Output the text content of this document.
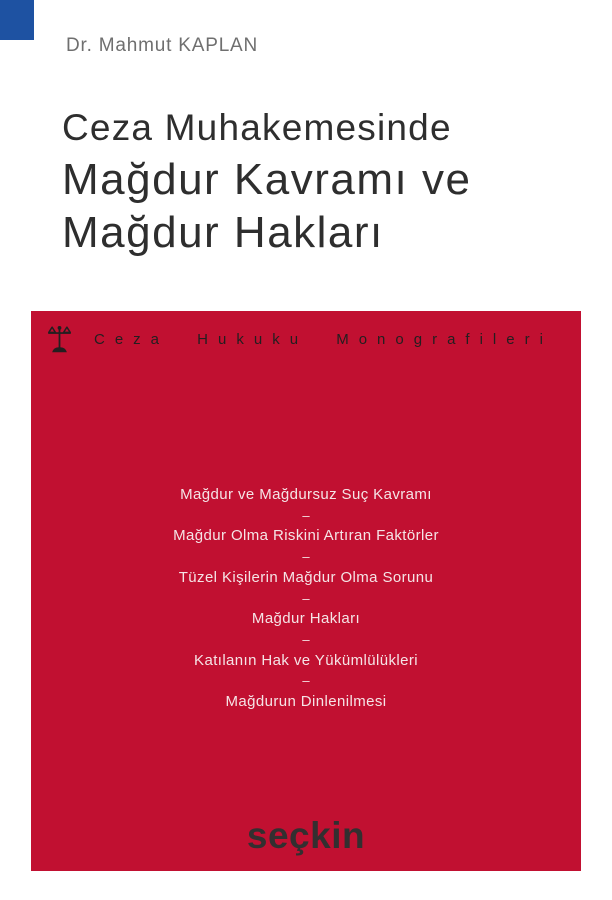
Dr. Mahmut KAPLAN
Ceza Muhakemesinde
Mağdur Kavramı ve
Mağdur Hakları
Ceza Hukuku Monografileri
Mağdur ve Mağdursuz Suç Kavramı
–
Mağdur Olma Riskini Artıran Faktörler
–
Tüzel Kişilerin Mağdur Olma Sorunu
–
Mağdur Hakları
–
Katılanın Hak ve Yükümlülükleri
–
Mağdurun Dinlenilmesi
seçkin
